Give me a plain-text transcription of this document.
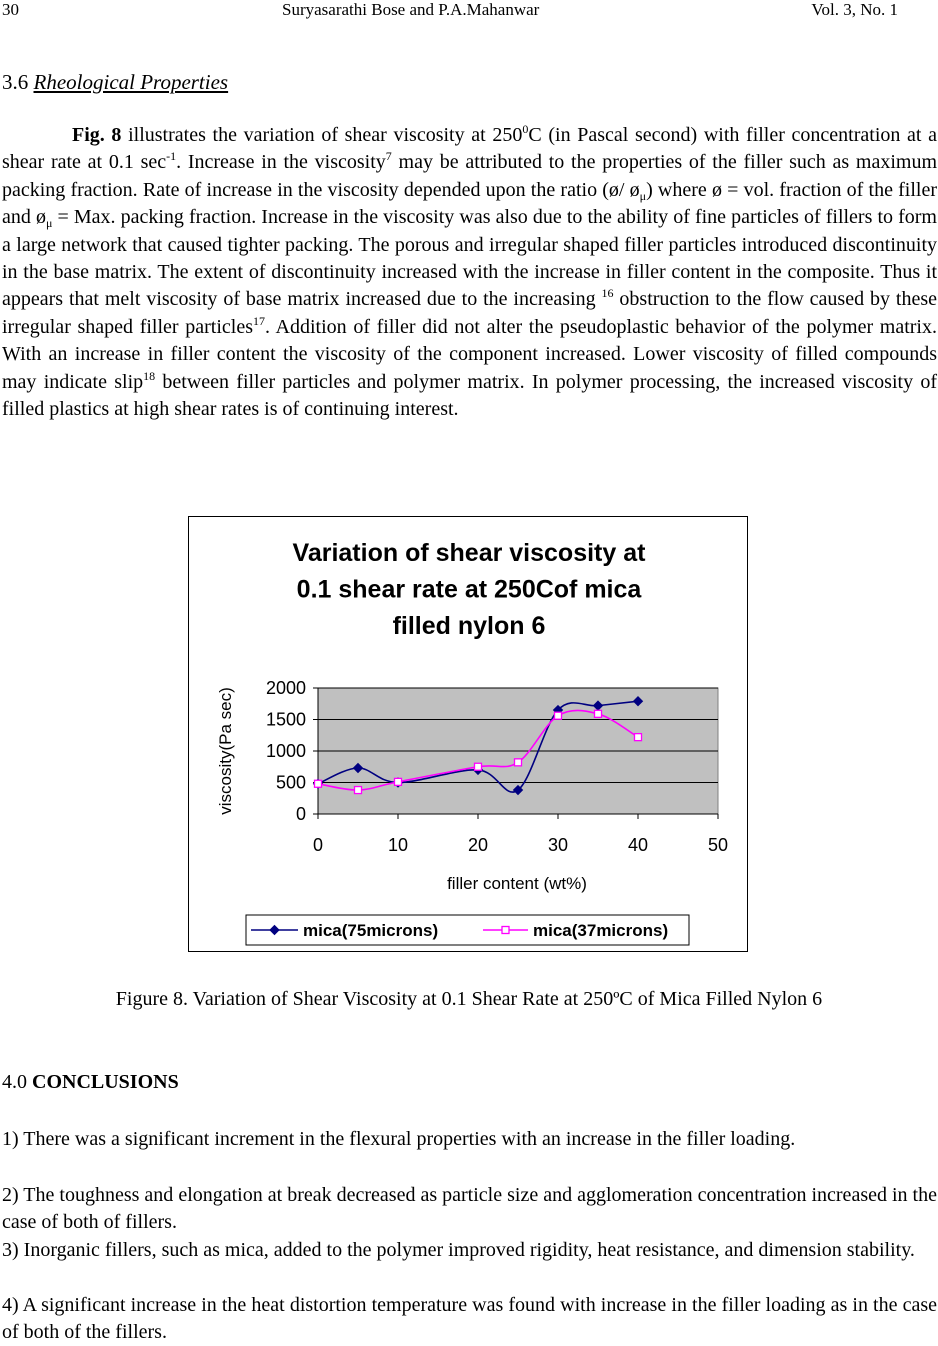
30	Suryasarathi Bose and P.A.Mahanwar	Vol. 3, No. 1
3.6 Rheological Properties
Fig. 8 illustrates the variation of shear viscosity at $250^0C$ (in Pascal second) with filler concentration at a shear rate at 0.1 $\sec^{-1}$. Increase in the viscosity$^7$ may be attributed to the properties of the filler such as maximum packing fraction. Rate of increase in the viscosity depended upon the ratio (ø/ $ø_\mu$) where ø = vol. fraction of the filler and $ø_\mu$ = Max. packing fraction. Increase in the viscosity was also due to the ability of fine particles of fillers to form a large network that caused tighter packing. The porous and irregular shaped filler particles introduced discontinuity in the base matrix. The extent of discontinuity increased with the increase in filler content in the composite. Thus it appears that melt viscosity of base matrix increased due to the increasing $^{16}$ obstruction to the flow caused by these irregular shaped filler particles$^{17}$. Addition of filler did not alter the pseudoplastic behavior of the polymer matrix. With an increase in filler content the viscosity of the component increased. Lower viscosity of filled compounds may indicate slip$^{18}$ between filler particles and polymer matrix. In polymer processing, the increased viscosity of filled plastics at high shear rates is of continuing interest.
Variation of shear viscosity at
0.1 shear rate at 250Cof mica
filled nylon 6
0
500
1000
1500
2000
0	10	20	30	40	50
filler content (wt%)
viscosity(Pa sec)
mica(75microns)	mica(37microns)
Figure 8. Variation of Shear Viscosity at 0.1 Shear Rate at 250ºC of Mica Filled Nylon 6
4.0 CONCLUSIONS
1) There was a significant increment in the flexural properties with an increase in the filler loading.
2) The toughness and elongation at break decreased as particle size and agglomeration concentration increased in the case of both of fillers.
3) Inorganic fillers, such as mica, added to the polymer improved rigidity, heat resistance, and dimension stability.
4) A significant increase in the heat distortion temperature was found with increase in the filler loading as in the case of both of the fillers.
